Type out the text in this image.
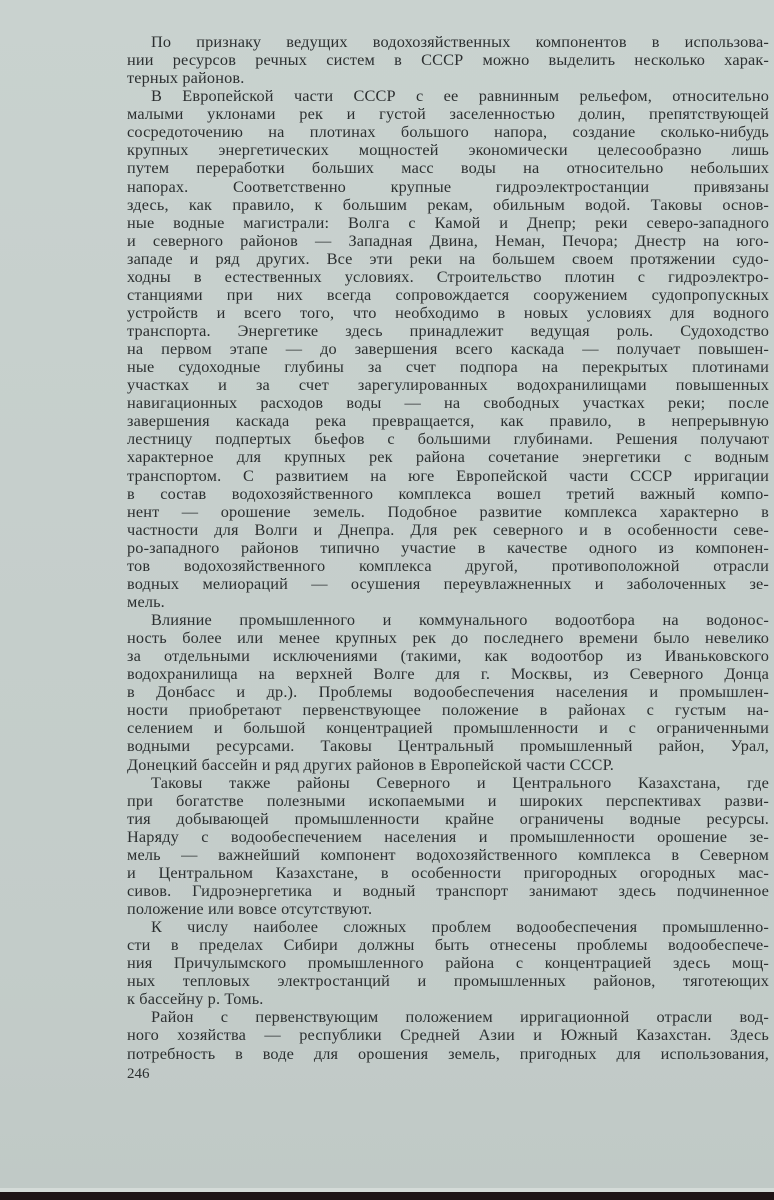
По признаку ведущих водохозяйственных компонентов в использова-
нии ресурсов речных систем в СССР можно выделить несколько харак-
терных районов.
В Европейской части СССР с ее равнинным рельефом, относительно
малыми уклонами рек и густой заселенностью долин, препятствующей
сосредоточению на плотинах большого напора, создание сколько-нибудь
крупных энергетических мощностей экономически целесообразно лишь
путем переработки больших масс воды на относительно небольших
напорах. Соответственно крупные гидроэлектростанции привязаны
здесь, как правило, к большим рекам, обильным водой. Таковы основ-
ные водные магистрали: Волга с Камой и Днепр; реки северо-западного
и северного районов — Западная Двина, Неман, Печора; Днестр на юго-
западе и ряд других. Все эти реки на большем своем протяжении судо-
ходны в естественных условиях. Строительство плотин с гидроэлектро-
станциями при них всегда сопровождается сооружением судопропускных
устройств и всего того, что необходимо в новых условиях для водного
транспорта. Энергетике здесь принадлежит ведущая роль. Судоходство
на первом этапе — до завершения всего каскада — получает повышен-
ные судоходные глубины за счет подпора на перекрытых плотинами
участках и за счет зарегулированных водохранилищами повышенных
навигационных расходов воды — на свободных участках реки; после
завершения каскада река превращается, как правило, в непрерывную
лестницу подпертых бьефов с большими глубинами. Решения получают
характерное для крупных рек района сочетание энергетики с водным
транспортом. С развитием на юге Европейской части СССР ирригации
в состав водохозяйственного комплекса вошел третий важный компо-
нент — орошение земель. Подобное развитие комплекса характерно в
частности для Волги и Днепра. Для рек северного и в особенности севе-
ро-западного районов типично участие в качестве одного из компонен-
тов водохозяйственного комплекса другой, противоположной отрасли
водных мелиораций — осушения переувлажненных и заболоченных зе-
мель.
Влияние промышленного и коммунального водоотбора на водонос-
ность более или менее крупных рек до последнего времени было невелико
за отдельными исключениями (такими, как водоотбор из Иваньковского
водохранилища на верхней Волге для г. Москвы, из Северного Донца
в Донбасс и др.). Проблемы водообеспечения населения и промышлен-
ности приобретают первенствующее положение в районах с густым на-
селением и большой концентрацией промышленности и с ограниченными
водными ресурсами. Таковы Центральный промышленный район, Урал,
Донецкий бассейн и ряд других районов в Европейской части СССР.
Таковы также районы Северного и Центрального Казахстана, где
при богатстве полезными ископаемыми и широких перспективах разви-
тия добывающей промышленности крайне ограничены водные ресурсы.
Наряду с водообеспечением населения и промышленности орошение зе-
мель — важнейший компонент водохозяйственного комплекса в Северном
и Центральном Казахстане, в особенности пригородных огородных мас-
сивов. Гидроэнергетика и водный транспорт занимают здесь подчиненное
положение или вовсе отсутствуют.
К числу наиболее сложных проблем водообеспечения промышленно-
сти в пределах Сибири должны быть отнесены проблемы водообеспече-
ния Причулымского промышленного района с концентрацией здесь мощ-
ных тепловых электростанций и промышленных районов, тяготеющих
к бассейну р. Томь.
Район с первенствующим положением ирригационной отрасли вод-
ного хозяйства — республики Средней Азии и Южный Казахстан. Здесь
потребность в воде для орошения земель, пригодных для использования,
246
